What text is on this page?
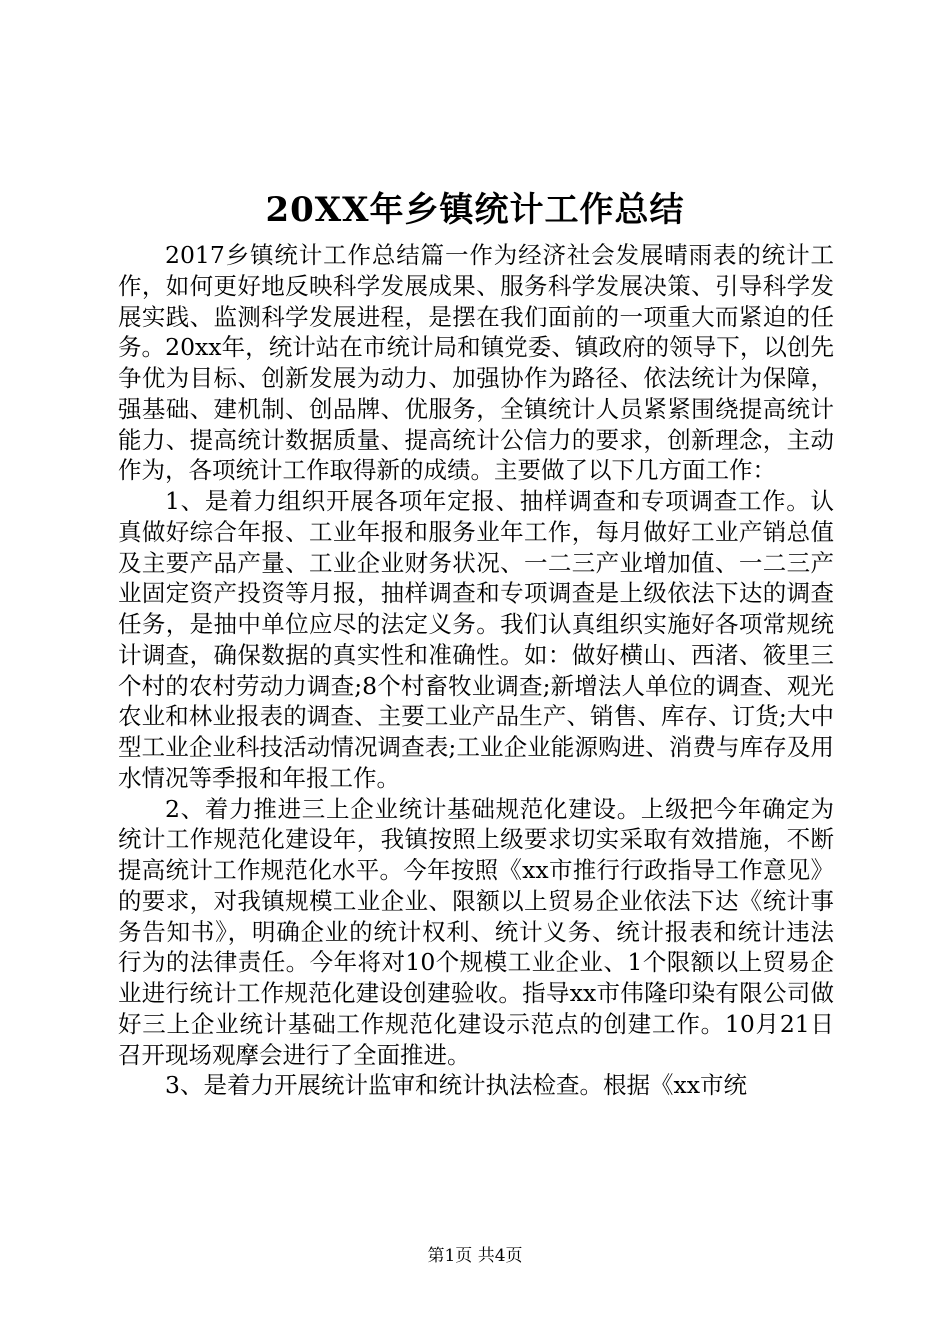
20XX年乡镇统计工作总结

2017乡镇统计工作总结篇一作为经济社会发展晴雨表的统计工作，如何更好地反映科学发展成果、服务科学发展决策、引导科学发展实践、监测科学发展进程，是摆在我们面前的一项重大而紧迫的任务。20xx年，统计站在市统计局和镇党委、镇政府的领导下，以创先争优为目标、创新发展为动力、加强协作为路径、依法统计为保障，强基础、建机制、创品牌、优服务，全镇统计人员紧紧围绕提高统计能力、提高统计数据质量、提高统计公信力的要求，创新理念，主动作为，各项统计工作取得新的成绩。主要做了以下几方面工作：

1、是着力组织开展各项年定报、抽样调查和专项调查工作。认真做好综合年报、工业年报和服务业年工作，每月做好工业产销总值及主要产品产量、工业企业财务状况、一二三产业增加值、一二三产业固定资产投资等月报，抽样调查和专项调查是上级依法下达的调查任务，是抽中单位应尽的法定义务。我们认真组织实施好各项常规统计调查，确保数据的真实性和准确性。如：做好横山、西渚、筱里三个村的农村劳动力调查;8个村畜牧业调查;新增法人单位的调查、观光农业和林业报表的调查、主要工业产品生产、销售、库存、订货;大中型工业企业科技活动情况调查表;工业企业能源购进、消费与库存及用水情况等季报和年报工作。

2、着力推进三上企业统计基础规范化建设。上级把今年确定为统计工作规范化建设年，我镇按照上级要求切实采取有效措施，不断提高统计工作规范化水平。今年按照《xx市推行行政指导工作意见》的要求，对我镇规模工业企业、限额以上贸易企业依法下达《统计事务告知书》，明确企业的统计权利、统计义务、统计报表和统计违法行为的法律责任。今年将对10个规模工业企业、1个限额以上贸易企业进行统计工作规范化建设创建验收。指导xx市伟隆印染有限公司做好三上企业统计基础工作规范化建设示范点的创建工作。10月21日召开现场观摩会进行了全面推进。

3、是着力开展统计监审和统计执法检查。根据《xx市统

第1页 共4页
